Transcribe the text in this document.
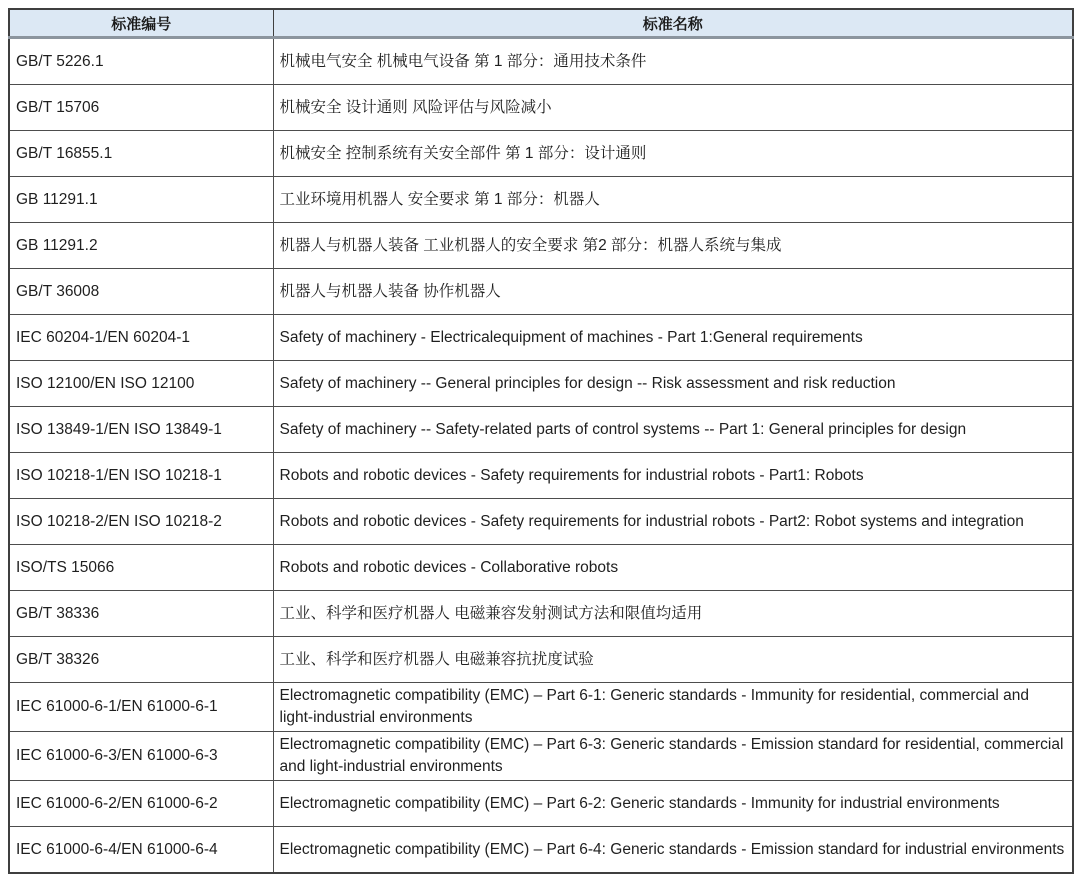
标准编号	标准名称
GB/T 5226.1	机械电气安全 机械电气设备 第 1 部分：通用技术条件
GB/T 15706	机械安全 设计通则 风险评估与风险减小
GB/T 16855.1	机械安全 控制系统有关安全部件 第 1 部分：设计通则
GB 11291.1	工业环境用机器人 安全要求 第 1 部分：机器人
GB 11291.2	机器人与机器人装备 工业机器人的安全要求 第2 部分：机器人系统与集成
GB/T 36008	机器人与机器人装备 协作机器人
IEC 60204-1/EN 60204-1	Safety of machinery - Electricalequipment of machines - Part 1:General requirements
ISO 12100/EN ISO 12100	Safety of machinery -- General principles for design -- Risk assessment and risk reduction
ISO 13849-1/EN ISO 13849-1	Safety of machinery -- Safety-related parts of control systems -- Part 1: General principles for design
ISO 10218-1/EN ISO 10218-1	Robots and robotic devices - Safety requirements for industrial robots - Part1: Robots
ISO 10218-2/EN ISO 10218-2	Robots and robotic devices - Safety requirements for industrial robots - Part2: Robot systems and integration
ISO/TS 15066	Robots and robotic devices - Collaborative robots
GB/T 38336	工业、科学和医疗机器人 电磁兼容发射测试方法和限值均适用
GB/T 38326	工业、科学和医疗机器人 电磁兼容抗扰度试验
IEC 61000-6-1/EN 61000-6-1	Electromagnetic compatibility (EMC) – Part 6-1: Generic standards - Immunity for residential, commercial and light-industrial environments
IEC 61000-6-3/EN 61000-6-3	Electromagnetic compatibility (EMC) – Part 6-3: Generic standards - Emission standard for residential, commercial and light-industrial environments
IEC 61000-6-2/EN 61000-6-2	Electromagnetic compatibility (EMC) – Part 6-2: Generic standards - Immunity for industrial environments
IEC 61000-6-4/EN 61000-6-4	Electromagnetic compatibility (EMC) – Part 6-4: Generic standards - Emission standard for industrial environments
